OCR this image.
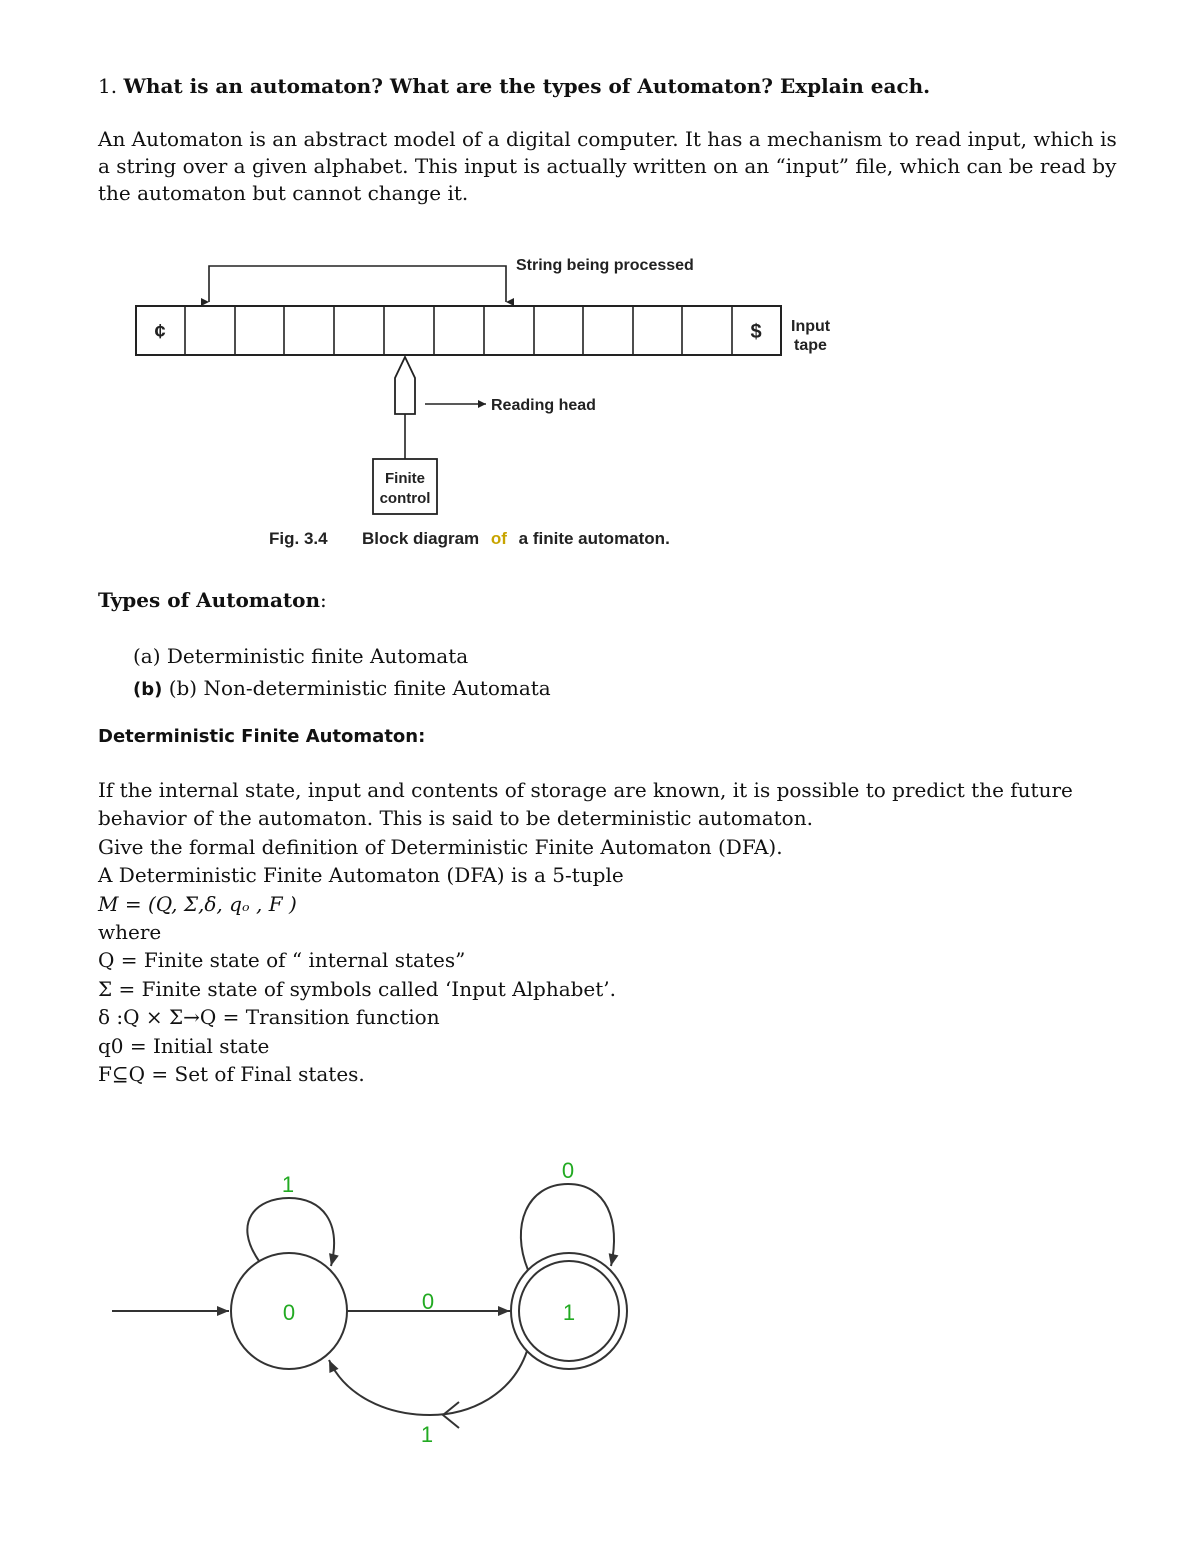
1. What is an automaton? What are the types of Automaton? Explain each.
An Automaton is an abstract model of a digital computer. It has a mechanism to read input, which is a string over a given alphabet. This input is actually written on an “input” file, which can be read by the automaton but cannot change it.
String being processed
¢	$ Input
tape
Reading head
Finite
control
Fig. 3.4 Block diagram of a finite automaton.
Types of Automaton:
(a) Deterministic finite Automata
(b) (b) Non-deterministic finite Automata
Deterministic Finite Automaton:
If the internal state, input and contents of storage are known, it is possible to predict the future behavior of the automaton. This is said to be deterministic automaton.
Give the formal definition of Deterministic Finite Automaton (DFA).
A Deterministic Finite Automaton (DFA) is a 5-tuple
M = (Q, Σ,δ, qₒ , F )
where
Q = Finite state of “ internal states”
Σ = Finite state of symbols called ‘Input Alphabet’.
δ :Q × Σ→Q = Transition function
q0 = Initial state
F⊆Q = Set of Final states.
0	1
1
0
0
1
